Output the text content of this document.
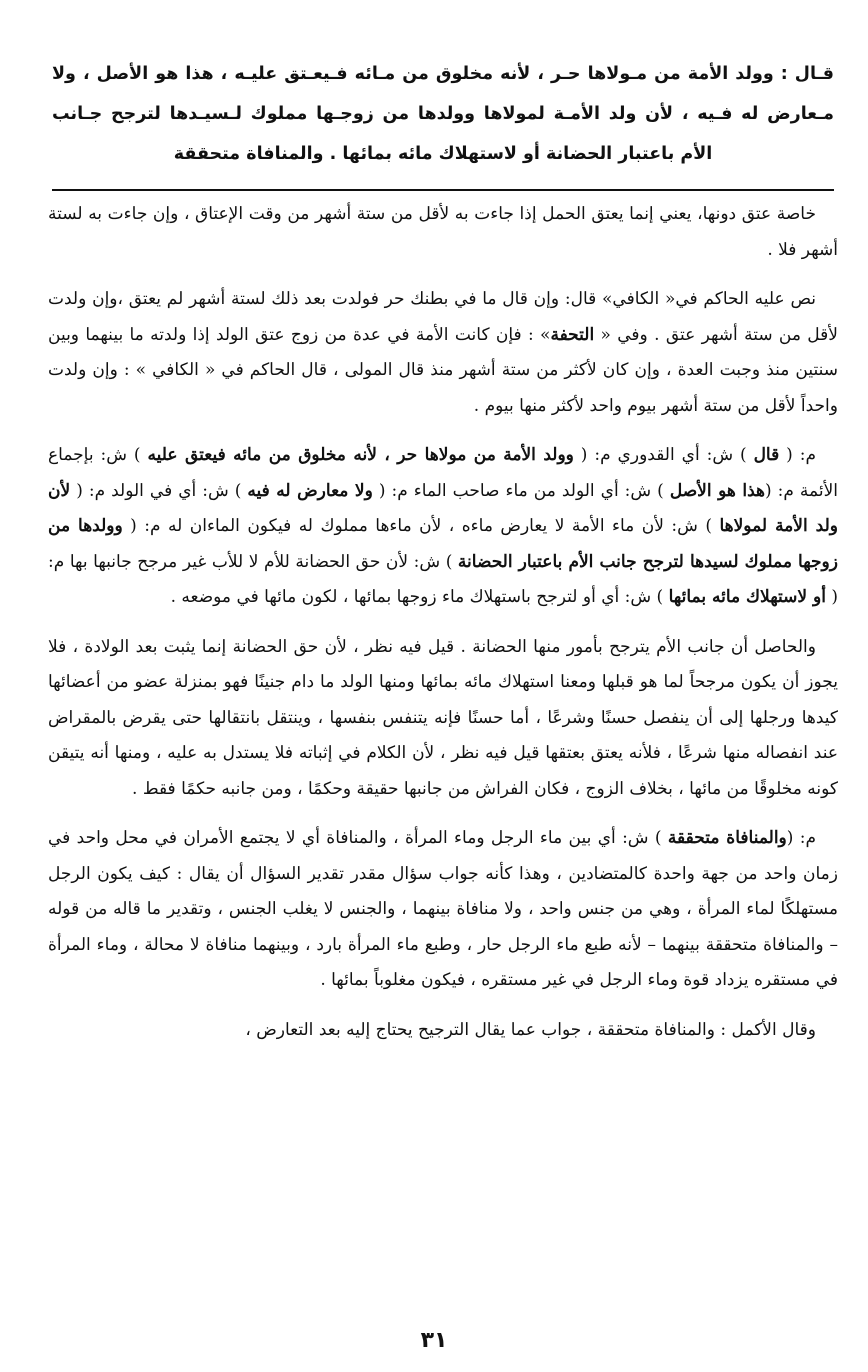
قـال : وولد الأمة من مـولاها حـر ، لأنه مخلوق من مـائه فـيعـتق عليـه ، هذا هو الأصل ، ولا مـعارض له فـيه ، لأن ولد الأمـة لمولاها وولدها من زوجـها مملوك لـسيـدها لترجح جـانب الأم باعتبار الحضانة أو لاستهلاك مائه بمائها . والمنافاة متحققة

خاصة عتق دونها، يعني إنما يعتق الحمل إذا جاءت به لأقل من ستة أشهر من وقت الإعتاق ، وإن جاءت به لستة أشهر فلا .

نص عليه الحاكم في« الكافي» قال: وإن قال ما في بطنك حر فولدت بعد ذلك لستة أشهر لم يعتق ،وإن ولدت لأقل من ستة أشهر عتق . وفي « التحفة» : فإن كانت الأمة في عدة من زوج عتق الولد إذا ولدته ما بينهما وبين سنتين منذ وجبت العدة ، وإن كان لأكثر من ستة أشهر منذ قال المولى ، قال الحاكم في « الكافي » : وإن ولدت واحداً لأقل من ستة أشهر بيوم واحد لأكثر منها بيوم .

م: ( قال ) ش: أي القدوري م: ( وولد الأمة من مولاها حر ، لأنه مخلوق من مائه فيعتق عليه ) ش: بإجماع الأئمة م: (هذا هو الأصل ) ش: أي الولد من ماء صاحب الماء م: ( ولا معارض له فيه ) ش: أي في الولد م: ( لأن ولد الأمة لمولاها ) ش: لأن ماء الأمة لا يعارض ماءه ، لأن ماءها مملوك له فيكون الماءان له م: ( وولدها من زوجها مملوك لسيدها لترجح جانب الأم باعتبار الحضانة ) ش: لأن حق الحضانة للأم لا للأب غير مرجح جانبها بها م: ( أو لاستهلاك مائه بمائها ) ش: أي أو لترجح باستهلاك ماء زوجها بمائها ، لكون مائها في موضعه .

والحاصل أن جانب الأم يترجح بأمور منها الحضانة . قيل فيه نظر ، لأن حق الحضانة إنما يثبت بعد الولادة ، فلا يجوز أن يكون مرجحاً لما هو قبلها ومعنا استهلاك مائه بمائها ومنها الولد ما دام جنينًا فهو بمنزلة عضو من أعضائها كيدها ورجلها إلى أن ينفصل حسنًا وشرعًا ، أما حسنًا فإنه يتنفس بنفسها ، وينتقل بانتقالها حتى يقرض بالمقراض عند انفصاله منها شرعًا ، فلأنه يعتق بعتقها قيل فيه نظر ، لأن الكلام في إثباته فلا يستدل به عليه ، ومنها أنه يتيقن كونه مخلوقًا من مائها ، بخلاف الزوج ، فكان الفراش من جانبها حقيقة وحكمًا ، ومن جانبه حكمًا فقط .

م: (والمنافاة متحققة ) ش: أي بين ماء الرجل وماء المرأة ، والمنافاة أي لا يجتمع الأمران في محل واحد في زمان واحد من جهة واحدة كالمتضادين ، وهذا كأنه جواب سؤال مقدر تقدير السؤال أن يقال : كيف يكون الرجل مستهلكًا لماء المرأة ، وهي من جنس واحد ، ولا منافاة بينهما ، والجنس لا يغلب الجنس ، وتقدير ما قاله من قوله – والمنافاة متحققة بينهما – لأنه طبع ماء الرجل حار ، وطبع ماء المرأة بارد ، وبينهما منافاة لا محالة ، وماء المرأة في مستقره يزداد قوة وماء الرجل في غير مستقره ، فيكون مغلوباً بمائها .

وقال الأكمل : والمنافاة متحققة ، جواب عما يقال الترجيح يحتاج إليه بعد التعارض ،

٣١
